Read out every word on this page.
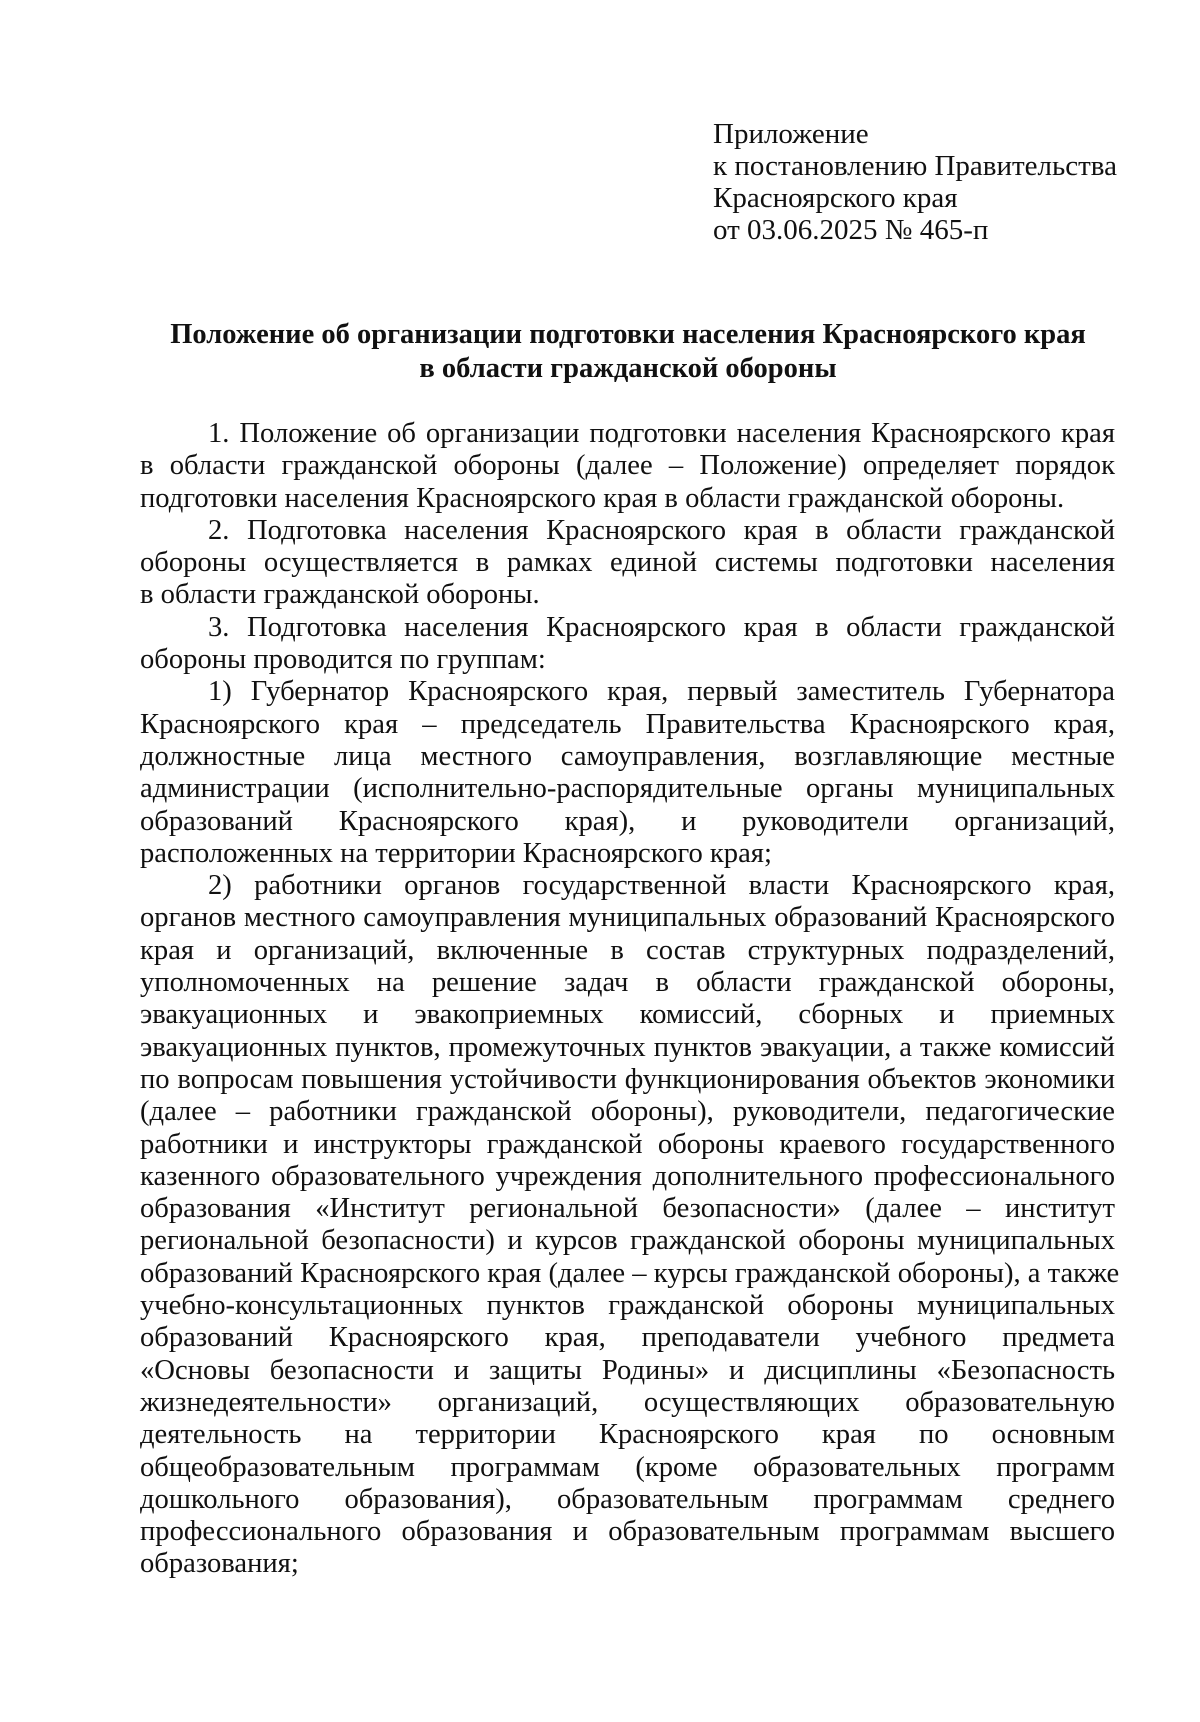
Приложение
к постановлению Правительства
Красноярского края
от 03.06.2025 № 465-п
Положение об организации подготовки населения Красноярского края
в области гражданской обороны
1. Положение об организации подготовки населения Красноярского края
в области гражданской обороны (далее – Положение) определяет порядок
подготовки населения Красноярского края в области гражданской обороны.
2. Подготовка населения Красноярского края в области гражданской
обороны осуществляется в рамках единой системы подготовки населения
в области гражданской обороны.
3. Подготовка населения Красноярского края в области гражданской
обороны проводится по группам:
1) Губернатор Красноярского края, первый заместитель Губернатора
Красноярского края – председатель Правительства Красноярского края,
должностные лица местного самоуправления, возглавляющие местные
администрации (исполнительно-распорядительные органы муниципальных
образований Красноярского края), и руководители организаций,
расположенных на территории Красноярского края;
2) работники органов государственной власти Красноярского края,
органов местного самоуправления муниципальных образований Красноярского
края и организаций, включенные в состав структурных подразделений,
уполномоченных на решение задач в области гражданской обороны,
эвакуационных и эвакоприемных комиссий, сборных и приемных
эвакуационных пунктов, промежуточных пунктов эвакуации, а также комиссий
по вопросам повышения устойчивости функционирования объектов экономики
(далее – работники гражданской обороны), руководители, педагогические
работники и инструкторы гражданской обороны краевого государственного
казенного образовательного учреждения дополнительного профессионального
образования «Институт региональной безопасности» (далее – институт
региональной безопасности) и курсов гражданской обороны муниципальных
образований Красноярского края (далее – курсы гражданской обороны), а также
учебно-консультационных пунктов гражданской обороны муниципальных
образований Красноярского края, преподаватели учебного предмета
«Основы безопасности и защиты Родины» и дисциплины «Безопасность
жизнедеятельности» организаций, осуществляющих образовательную
деятельность на территории Красноярского края по основным
общеобразовательным программам (кроме образовательных программ
дошкольного образования), образовательным программам среднего
профессионального образования и образовательным программам высшего
образования;
